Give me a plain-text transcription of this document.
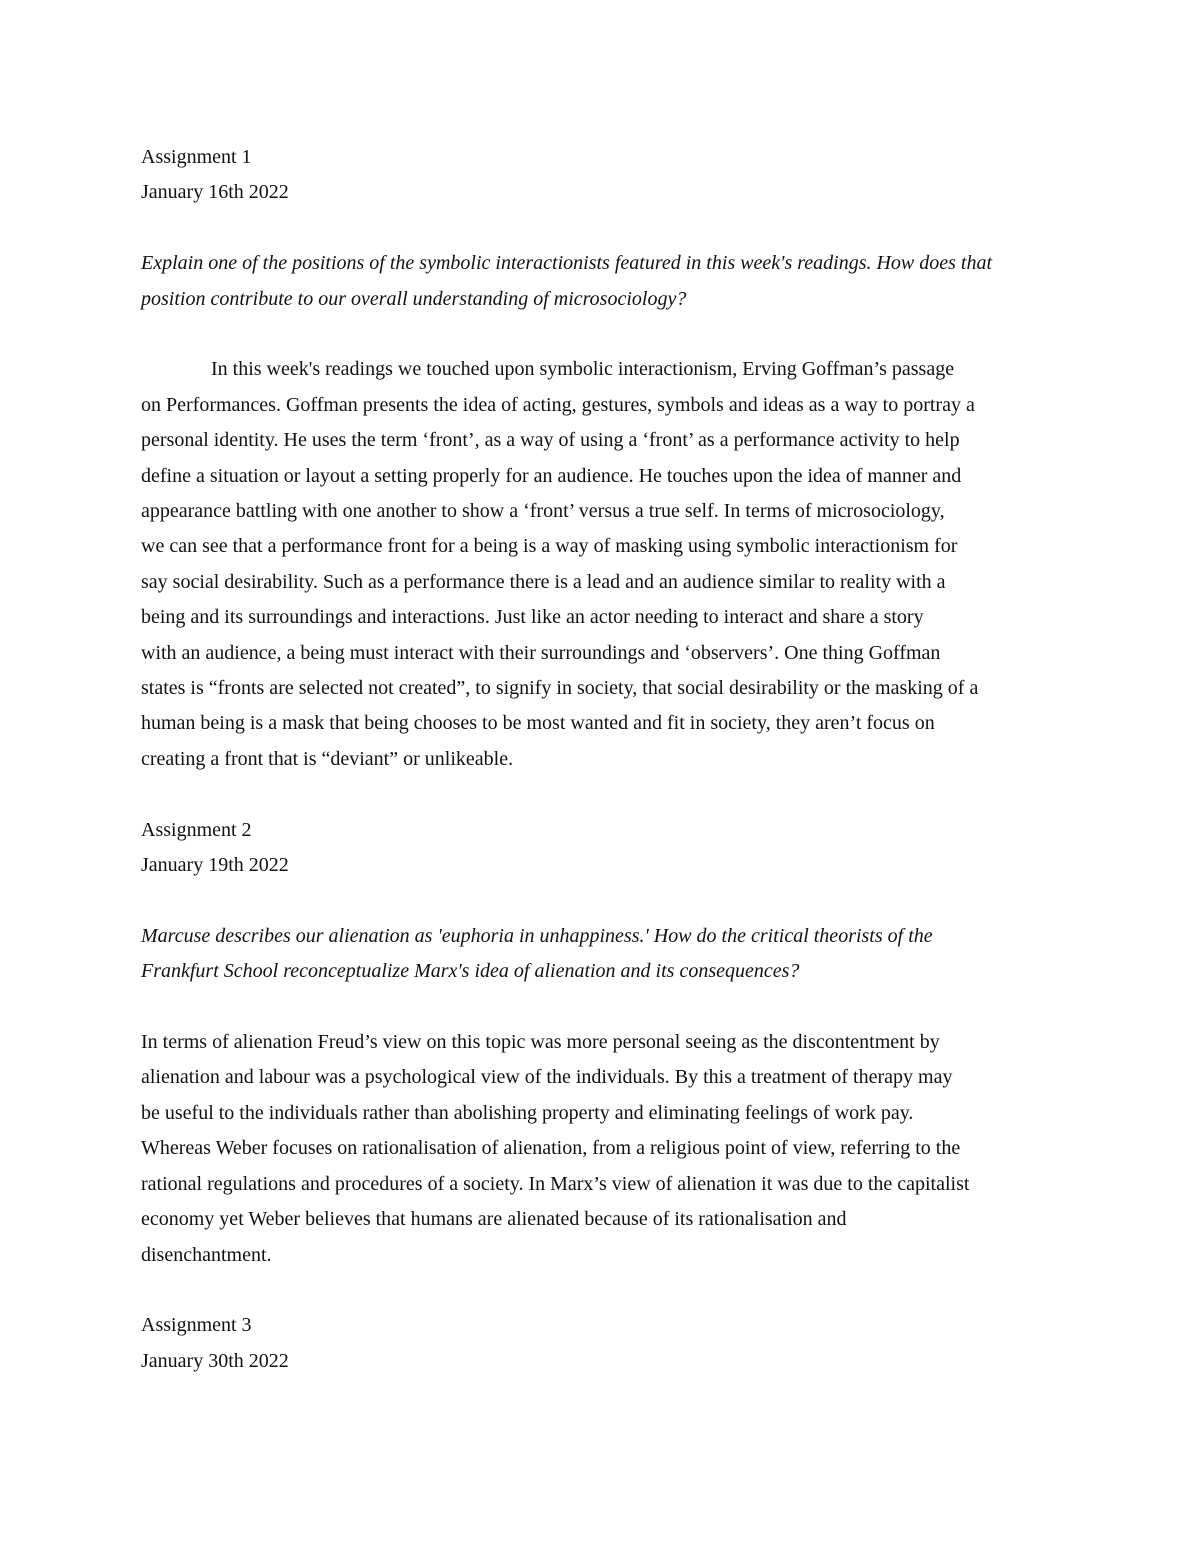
Assignment 1
January 16th 2022

Explain one of the positions of the symbolic interactionists featured in this week's readings. How does that
position contribute to our overall understanding of microsociology?

In this week's readings we touched upon symbolic interactionism, Erving Goffman’s passage
on Performances. Goffman presents the idea of acting, gestures, symbols and ideas as a way to portray a
personal identity. He uses the term ‘front’, as a way of using a ‘front’ as a performance activity to help
define a situation or layout a setting properly for an audience. He touches upon the idea of manner and
appearance battling with one another to show a ‘front’ versus a true self. In terms of microsociology,
we can see that a performance front for a being is a way of masking using symbolic interactionism for
say social desirability. Such as a performance there is a lead and an audience similar to reality with a
being and its surroundings and interactions. Just like an actor needing to interact and share a story
with an audience, a being must interact with their surroundings and ‘observers’. One thing Goffman
states is “fronts are selected not created”, to signify in society, that social desirability or the masking of a
human being is a mask that being chooses to be most wanted and fit in society, they aren’t focus on
creating a front that is “deviant” or unlikeable.

Assignment 2
January 19th 2022

Marcuse describes our alienation as 'euphoria in unhappiness.' How do the critical theorists of the
Frankfurt School reconceptualize Marx's idea of alienation and its consequences?

In terms of alienation Freud’s view on this topic was more personal seeing as the discontentment by
alienation and labour was a psychological view of the individuals. By this a treatment of therapy may
be useful to the individuals rather than abolishing property and eliminating feelings of work pay.
Whereas Weber focuses on rationalisation of alienation, from a religious point of view, referring to the
rational regulations and procedures of a society. In Marx’s view of alienation it was due to the capitalist
economy yet Weber believes that humans are alienated because of its rationalisation and
disenchantment.

Assignment 3
January 30th 2022
